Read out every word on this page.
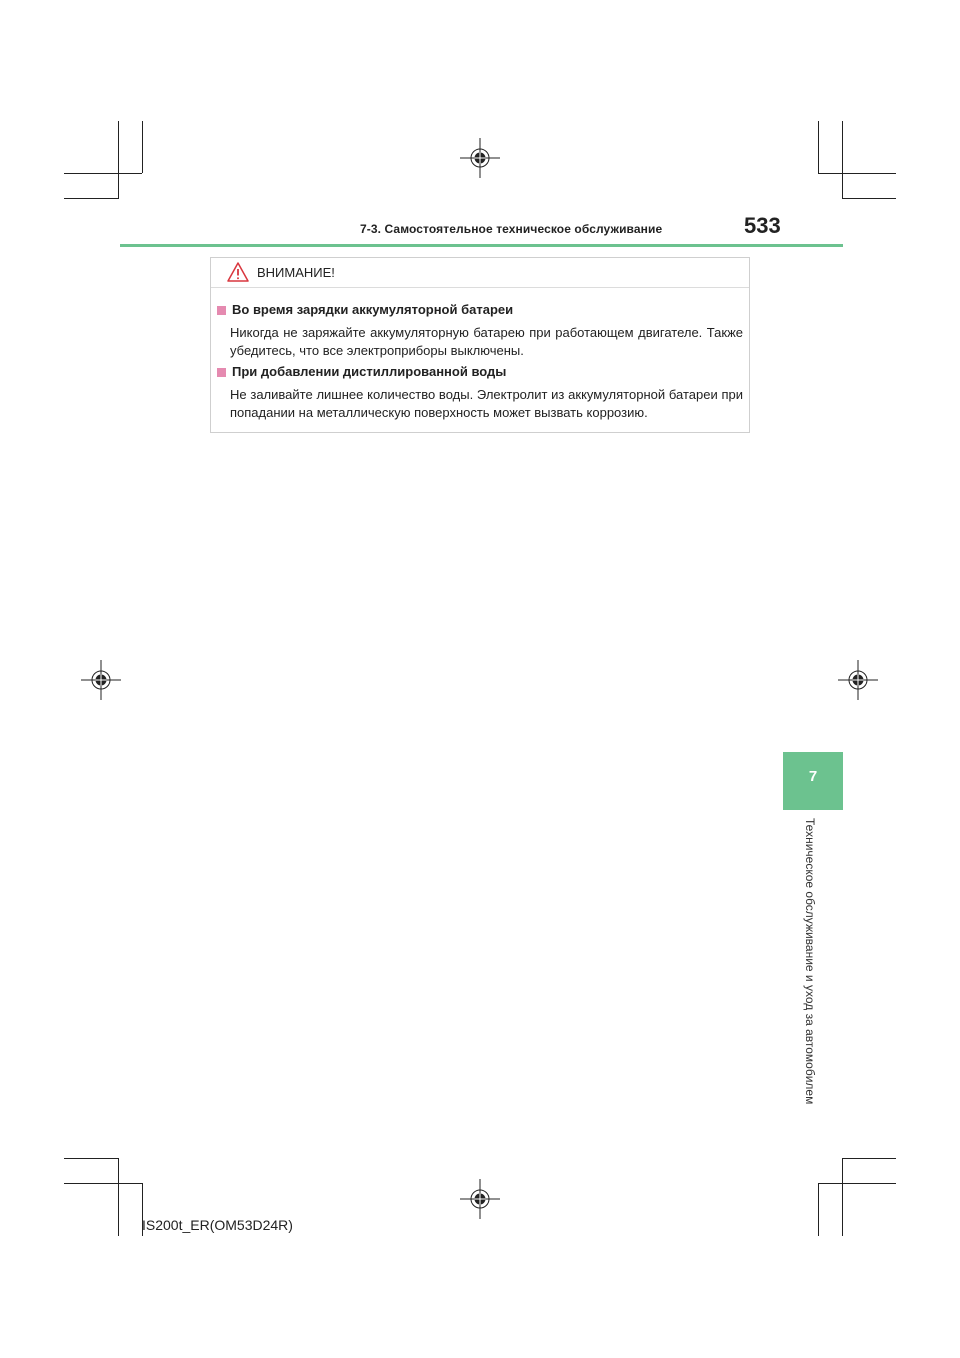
7-3. Самостоятельное техническое обслуживание	533
ВНИМАНИЕ!
Во время зарядки аккумуляторной батареи
Никогда не заряжайте аккумуляторную батарею при работающем двигателе. Также убедитесь, что все электроприборы выключены.
При добавлении дистиллированной воды
Не заливайте лишнее количество воды. Электролит из аккумуляторной батареи при попадании на металлическую поверхность может вызвать коррозию.
7
Техническое обслуживание и уход за автомобилем
IS200t_ER(OM53D24R)
